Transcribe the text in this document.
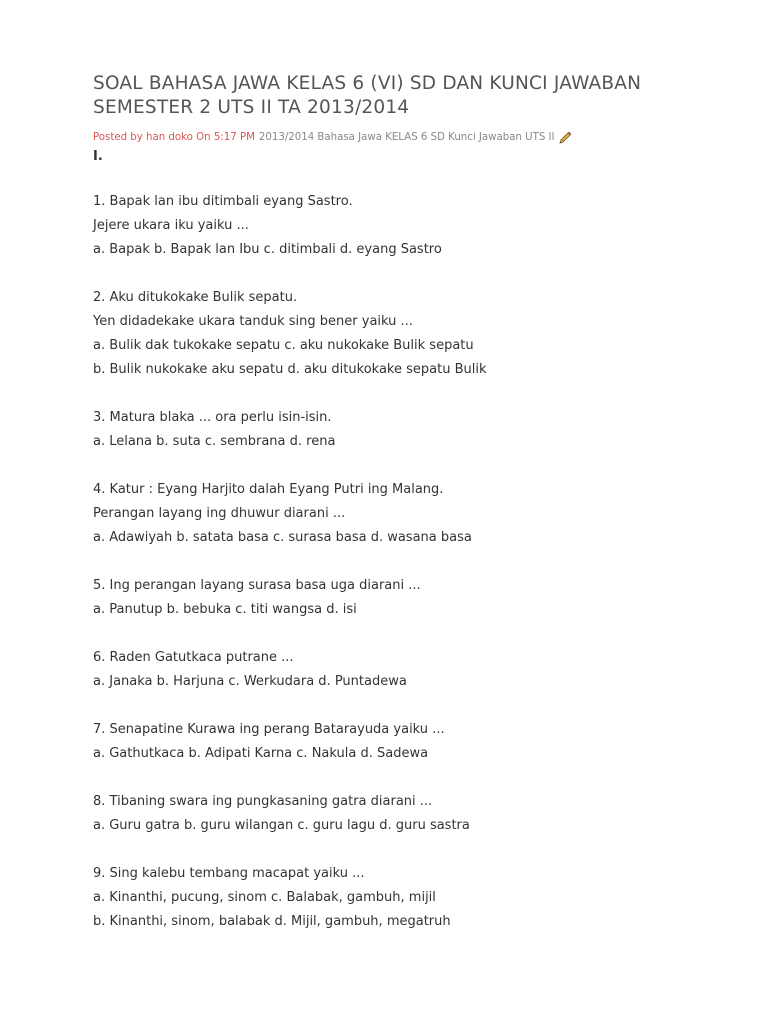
SOAL BAHASA JAWA KELAS 6 (VI) SD DAN KUNCI JAWABAN SEMESTER 2 UTS II TA 2013/2014
Posted by han doko On 5:17 PM 2013/2014 Bahasa Jawa KELAS 6 SD Kunci Jawaban UTS II
I.
1. Bapak lan ibu ditimbali eyang Sastro.
Jejere ukara iku yaiku ...
a. Bapak b. Bapak lan Ibu c. ditimbali d. eyang Sastro
2. Aku ditukokake Bulik sepatu.
Yen didadekake ukara tanduk sing bener yaiku ...
a. Bulik dak tukokake sepatu c. aku nukokake Bulik sepatu
b. Bulik nukokake aku sepatu d. aku ditukokake sepatu Bulik
3. Matura blaka ... ora perlu isin-isin.
a. Lelana b. suta c. sembrana d. rena
4. Katur : Eyang Harjito dalah Eyang Putri ing Malang.
Perangan layang ing dhuwur diarani ...
a. Adawiyah b. satata basa c. surasa basa d. wasana basa
5. Ing perangan layang surasa basa uga diarani ...
a. Panutup b. bebuka c. titi wangsa d. isi
6. Raden Gatutkaca putrane ...
a. Janaka b. Harjuna c. Werkudara d. Puntadewa
7. Senapatine Kurawa ing perang Batarayuda yaiku ...
a. Gathutkaca b. Adipati Karna c. Nakula d. Sadewa
8. Tibaning swara ing pungkasaning gatra diarani ...
a. Guru gatra b. guru wilangan c. guru lagu d. guru sastra
9. Sing kalebu tembang macapat yaiku ...
a. Kinanthi, pucung, sinom c. Balabak, gambuh, mijil
b. Kinanthi, sinom, balabak d. Mijil, gambuh, megatruh
